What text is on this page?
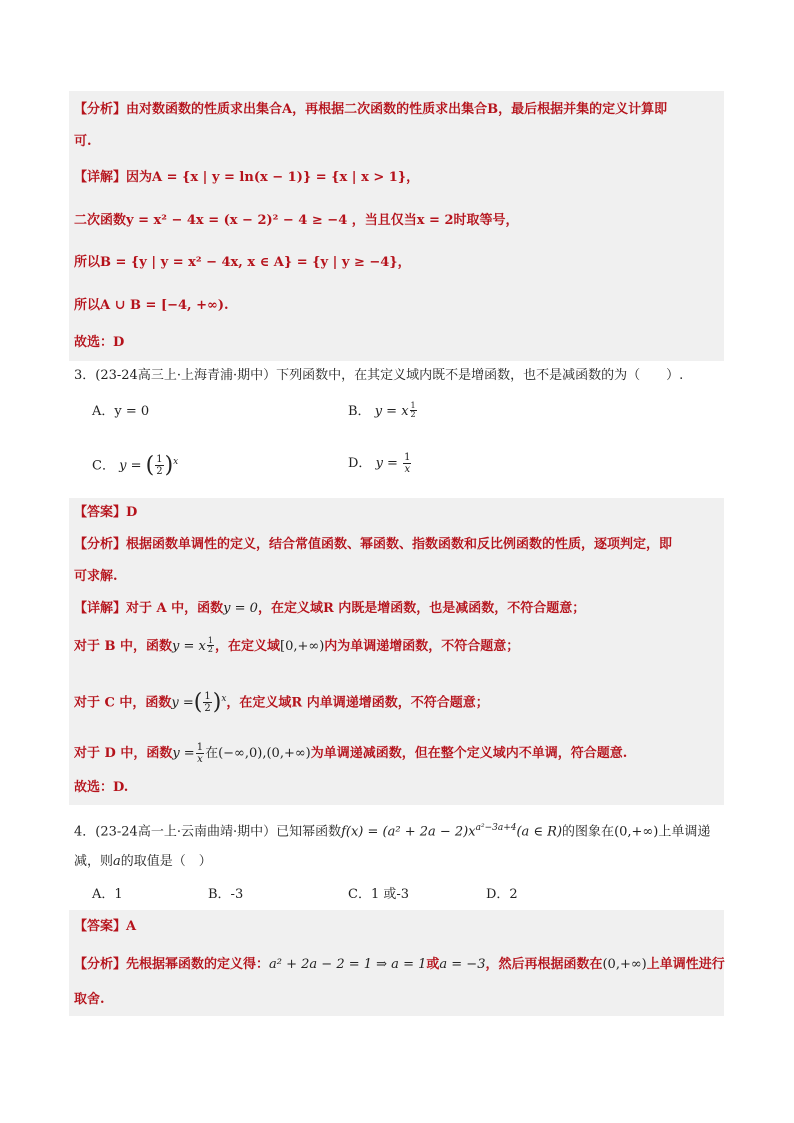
【分析】由对数函数的性质求出集合A，再根据二次函数的性质求出集合B，最后根据并集的定义计算即
可.
【详解】因为A = {x | y = ln(x − 1)} = {x | x > 1}，
二次函数y = x² − 4x = (x − 2)² − 4 ≥ −4 ，当且仅当x = 2时取等号，
所以B = {y | y = x² − 4x, x ∈ A} = {y | y ≥ −4}，
所以A ∪ B = [−4, +∞).
故选：D
3．(23-24高三上·上海青浦·期中）下列函数中，在其定义域内既不是增函数，也不是减函数的为（　　）.
A．y = 0	B． y = x $\frac{1}{2}$
C． y = ( $\frac{1}{2} )^x$	D． $y = \frac{1}{x}$
【答案】D
【分析】根据函数单调性的定义，结合常值函数、幂函数、指数函数和反比例函数的性质，逐项判定，即
可求解.
【详解】对于 A 中，函数y = 0，在定义域R 内既是增函数，也是减函数，不符合题意；
对于 B 中，函数y = x $\frac{1}{2}$ ，在定义域[0,+∞)内为单调递增函数，不符合题意；
对于 C 中，函数y =( $\frac{1}{2} )^x$，在定义域R 内单调递增函数，不符合题意；
对于 D 中，函数$y = \frac{1}{x}$ 在(−∞,0),(0,+∞)为单调递减函数，但在整个定义域内不单调，符合题意.
故选：D.
4．(23-24高一上·云南曲靖·期中）已知幂函数$f(x) = (a^2 + 2a - 2)x^{a^2-3a+4}(a$ ∈ R)的图象在(0,+∞)上单调递
减，则a的取值是（　）
A．1	B．-3	C．1 或-3	D．2
【答案】A
【分析】先根据幂函数的定义得：a² + 2a − 2 = 1 ⇒ a = 1或a = −3，然后再根据函数在(0,+∞)上单调性进行
取舍.
